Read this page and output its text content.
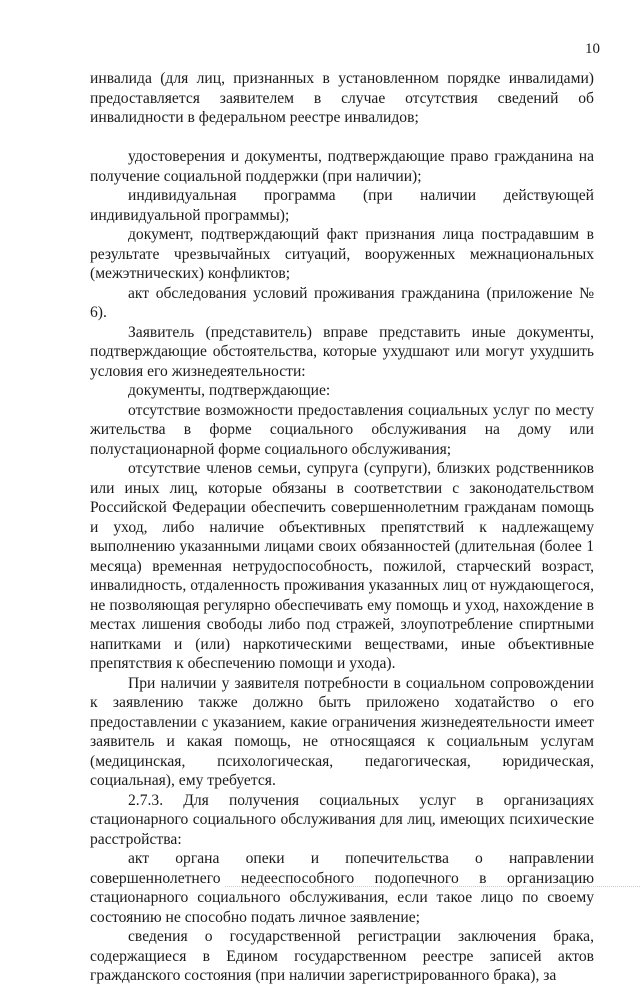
10

инвалида (для лиц, признанных в установленном порядке инвалидами) предоставляется заявителем в случае отсутствия сведений об инвалидности в федеральном реестре инвалидов;

удостоверения и документы, подтверждающие право гражданина на получение социальной поддержки (при наличии);

индивидуальная программа (при наличии действующей индивидуальной программы);

документ, подтверждающий факт признания лица пострадавшим в результате чрезвычайных ситуаций, вооруженных межнациональных (межэтнических) конфликтов;

акт обследования условий проживания гражданина (приложение № 6).

Заявитель (представитель) вправе представить иные документы, подтверждающие обстоятельства, которые ухудшают или могут ухудшить условия его жизнедеятельности:

документы, подтверждающие:

отсутствие возможности предоставления социальных услуг по месту жительства в форме социального обслуживания на дому или полустационарной форме социального обслуживания;

отсутствие членов семьи, супруга (супруги), близких родственников или иных лиц, которые обязаны в соответствии с законодательством Российской Федерации обеспечить совершеннолетним гражданам помощь и уход, либо наличие объективных препятствий к надлежащему выполнению указанными лицами своих обязанностей (длительная (более 1 месяца) временная нетрудоспособность, пожилой, старческий возраст, инвалидность, отдаленность проживания указанных лиц от нуждающегося, не позволяющая регулярно обеспечивать ему помощь и уход, нахождение в местах лишения свободы либо под стражей, злоупотребление спиртными напитками и (или) наркотическими веществами, иные объективные препятствия к обеспечению помощи и ухода).

При наличии у заявителя потребности в социальном сопровождении к заявлению также должно быть приложено ходатайство о его предоставлении с указанием, какие ограничения жизнедеятельности имеет заявитель и какая помощь, не относящаяся к социальным услугам (медицинская, психологическая, педагогическая, юридическая, социальная), ему требуется.

2.7.3. Для получения социальных услуг в организациях стационарного социального обслуживания для лиц, имеющих психические расстройства:

акт органа опеки и попечительства о направлении совершеннолетнего недееспособного подопечного в организацию стационарного социального обслуживания, если такое лицо по своему состоянию не способно подать личное заявление;

сведения о государственной регистрации заключения брака, содержащиеся в Едином государственном реестре записей актов гражданского состояния (при наличии зарегистрированного брака), за
